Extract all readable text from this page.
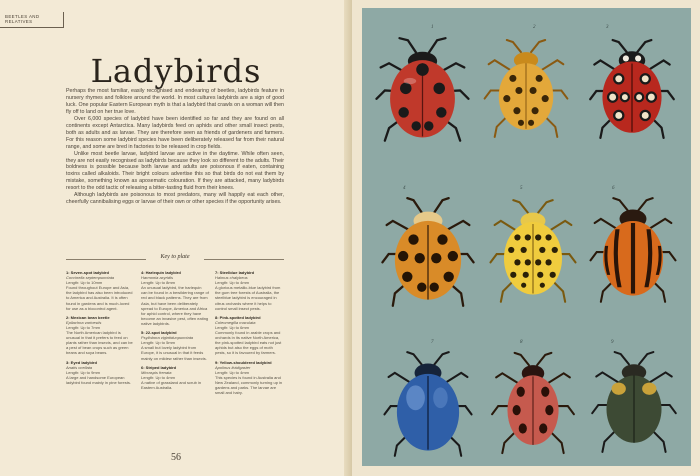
BEETLES AND
RELATIVES
Ladybirds

Perhaps the most familiar, easily recognised and endearing of beetles, ladybirds feature in nursery rhymes and folklore around the world. In most cultures ladybirds are a sign of good luck. One popular Eastern European myth is that a ladybird that crawls on a woman will then fly off to land on her true love.

Over 6,000 species of ladybird have been identified so far and they are found on all continents except Antarctica. Many ladybirds feed on aphids and other small insect pests, both as adults and as larvae. They are therefore seen as friends of gardeners and farmers. For this reason some ladybird species have been deliberately released far from their natural range, and some are bred in factories to be released in crop fields.

Unlike most beetle larvae, ladybird larvae are active in the daytime. While often seen, they are not easily recognised as ladybirds because they look so different to the adults. Their boldness is possible because both larvae and adults are poisonous if eaten, containing toxins called alkaloids. Their bright colours advertise this so that birds do not eat them by mistake, something known as aposematic colouration. If they are attacked, many ladybirds resort to the odd tactic of releasing a bitter-tasting fluid from their knees.

Although ladybirds are poisonous to most predators, many will happily eat each other, cheerfully cannibalising eggs or larvae of their own or other species if the opportunity arises.

Key to plate
1: Seven-spot ladybird
Coccinella septempunctata
Length: Up to 10mm
Found throughout Europe and Asia, the ladybird has also been introduced to America and Australia. It is often found in gardens and is much-loved for use as a biocontrol agent.
2: Mexican bean beetle
Epilachna varivestis
Length: Up to 7mm
The North American ladybird is unusual in that it prefers to feed on plants rather than insects, and can be a pest of bean crops such as green beans and soya beans.
3: Eyed ladybird
Anatis ocellata
Length: Up to 9mm
A large and handsome European ladybird found mainly in pine forests.
4: Harlequin ladybird
Harmonia axyridis
Length: Up to 8mm
An unusual ladybird, the harlequin can be found in a bewildering range of red and black patterns. They are from Asia, but have been deliberately spread to Europe, America and Africa for aphid control, where they have become an invasive pest, often eating native ladybirds.
5: 22-spot ladybird
Psyllobora vigintiduopunctata
Length: Up to 5mm
A small but lovely ladybird from Europe, it is unusual in that it feeds mainly on mildew rather than insects.
6: Striped ladybird
Micraspis frenata
Length: Up to 4mm
A native of grassland and scrub in Eastern Australia.
7: Steelblue ladybird
Halmus chalybeus
Length: Up to 4mm
A glorious metallic-blue ladybird from the gum tree forests of Australia, the steelblue ladybird is encouraged in citrus orchards where it helps to control small insect pests.
8: Pink-spotted ladybird
Coleomegilla maculata
Length: Up to 6mm
Commonly found in arable crops and orchards in its native North America, the pink-spotted ladybird eats not just aphids but also the eggs of moth pests, so it is favoured by farmers.
9: Yellow-shouldered ladybird
Apolinus lividigaster
Length: Up to 4mm
This species is found in Australia and New Zealand, commonly turning up in gardens and parks. The larvae are small and hairy.
56
1	2	3
4	5	6
7	8	9
